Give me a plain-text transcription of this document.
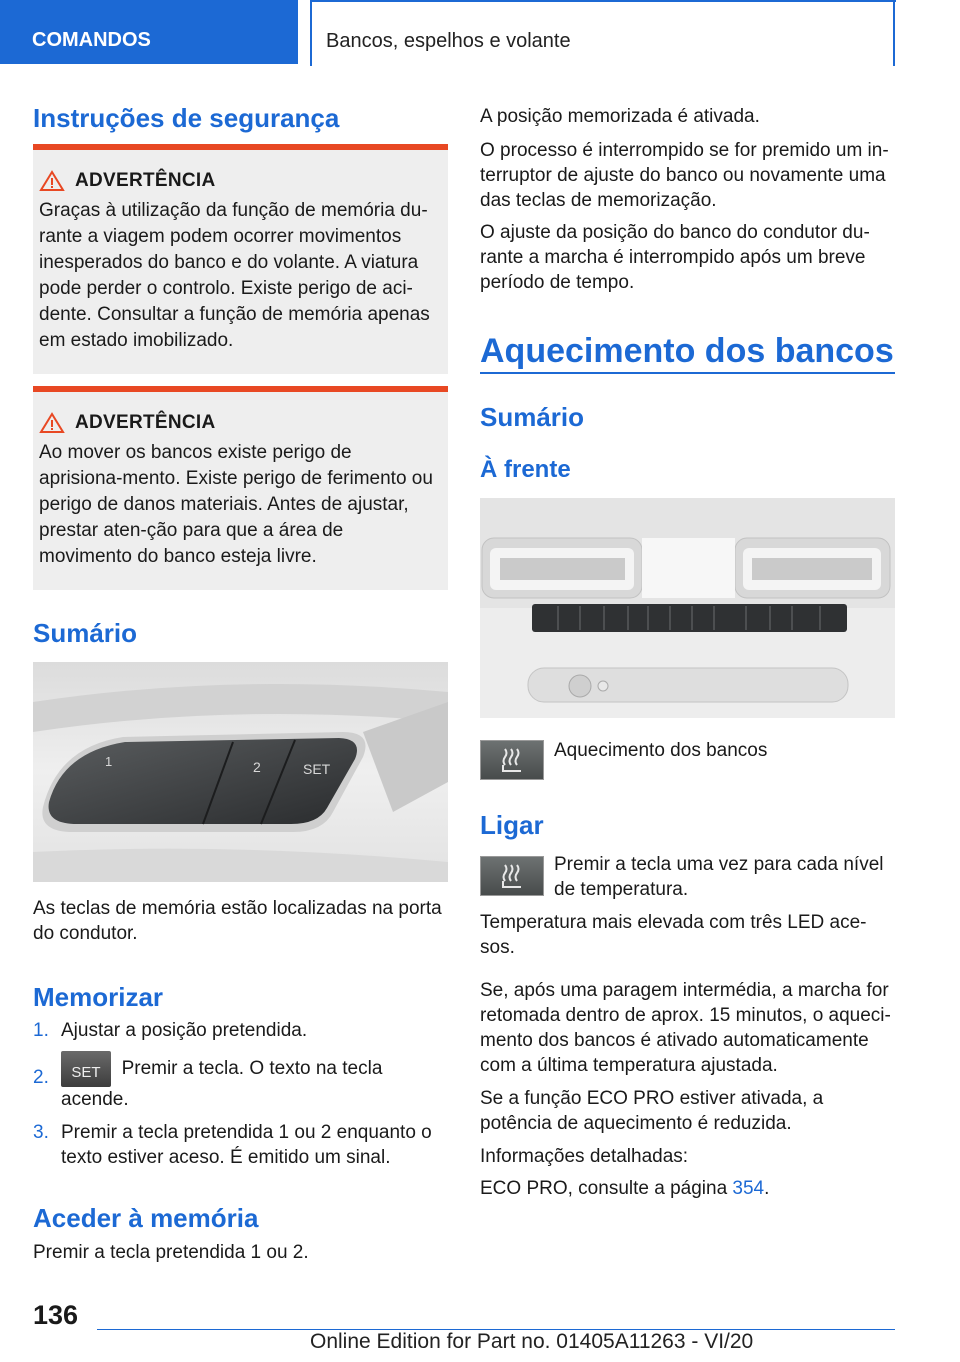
COMANDOS	Bancos, espelhos e volante
Instruções de segurança
ADVERTÊNCIA
Graças à utilização da função de memória du-rante a viagem podem ocorrer movimentos inesperados do banco e do volante. A viatura pode perder o controlo. Existe perigo de aci-dente. Consultar a função de memória apenas em estado imobilizado.
ADVERTÊNCIA
Ao mover os bancos existe perigo de aprisiona-mento. Existe perigo de ferimento ou perigo de danos materiais. Antes de ajustar, prestar aten-ção para que a área de movimento do banco esteja livre.
Sumário
1	2	SET

As teclas de memória estão localizadas na porta do condutor.

Memorizar
1. Ajustar a posição pretendida.
2.	SET	Premir a tecla. O texto na tecla acende.
3. Premir a tecla pretendida 1 ou 2 enquanto o texto estiver aceso. É emitido um sinal.
Aceder à memória

Premir a tecla pretendida 1 ou 2.

A posição memorizada é ativada.

O processo é interrompido se for premido um in-terruptor de ajuste do banco ou novamente uma das teclas de memorização.

O ajuste da posição do banco do condutor du-rante a marcha é interrompido após um breve período de tempo.

Aquecimento dos bancos
Sumário
À frente

Aquecimento dos bancos

Ligar

Premir a tecla uma vez para cada nível de temperatura.

Temperatura mais elevada com três LED ace-sos.

Se, após uma paragem intermédia, a marcha for retomada dentro de aprox. 15 minutos, o aqueci-mento dos bancos é ativado automaticamente com a última temperatura ajustada.

Se a função ECO PRO estiver ativada, a potência de aquecimento é reduzida.

Informações detalhadas:

ECO PRO, consulte a página 354.

136
Online Edition for Part no. 01405A11263 - VI/20
